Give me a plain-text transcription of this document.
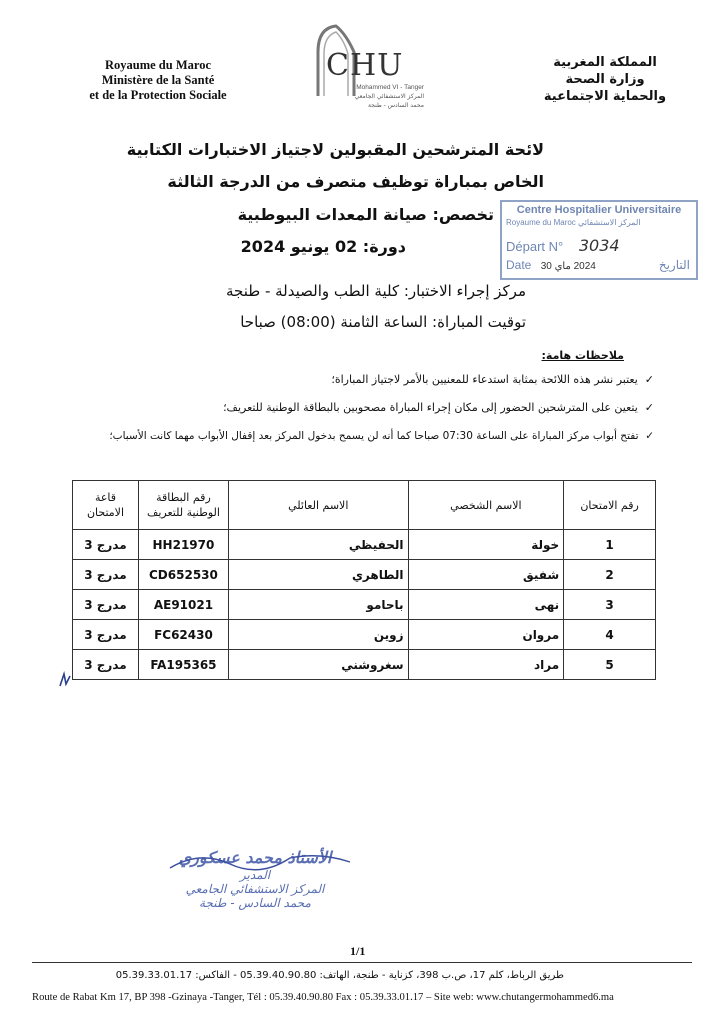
Royaume du Maroc
Ministère de la Santé
et de la Protection Sociale
CHU
Mohammed VI - Tanger
المركز الاستشفائي الجامعي
محمد السادس - طنجة
المملكة المغربية
وزارة الصحة
والحماية الاجتماعية
لائحة المترشحين المقبولين لاجتياز الاختبارات الكتابية
الخاص بمباراة توظيف متصرف من الدرجة الثالثة
تخصص: صيانة المعدات البيوطبية
دورة: 02 يونيو 2024
مركز إجراء الاختبار: كلية الطب والصيدلة - طنجة
توقيت المباراة: الساعة الثامنة (08:00) صباحا
Centre Hospitalier Universitaire
Royaume du Maroc المركز الاستشفائي
Départ N° 3034
Date 2024 ماي 30	التاريخ
ملاحظات هامة:
✓  يعتبر نشر هذه اللائحة بمثابة استدعاء للمعنيين بالأمر لاجتياز المباراة؛
✓  يتعين على المترشحين الحضور إلى مكان إجراء المباراة مصحوبين بالبطاقة الوطنية للتعريف؛
✓  تفتح أبواب مركز المباراة على الساعة 07:30 صباحا كما أنه لن يسمح بدخول المركز بعد إقفال الأبواب مهما كانت الأسباب؛
رقم الامتحان	الاسم الشخصي	الاسم العائلي	رقم البطاقة الوطنية للتعريف	قاعة الامتحان
1	خولة	الحفيظي	HH21970	مدرج 3
2	شفيق	الطاهري	CD652530	مدرج 3
3	نهى	باحامو	AE91021	مدرج 3
4	مروان	زوين	FC62430	مدرج 3
5	مراد	سغروشني	FA195365	مدرج 3
الأستاذ محمد عسكوري
المدير
المركز الاستشفائي الجامعي
محمد السادس - طنجة
1/1
طريق الرباط، كلم 17، ص.ب 398، كزناية - طنجة، الهاتف: 05.39.40.90.80 - الفاكس: 05.39.33.01.17
Route de Rabat Km 17, BP 398 -Gzinaya -Tanger, Tél : 05.39.40.90.80 Fax : 05.39.33.01.17 – Site web: www.chutangermohammed6.ma
